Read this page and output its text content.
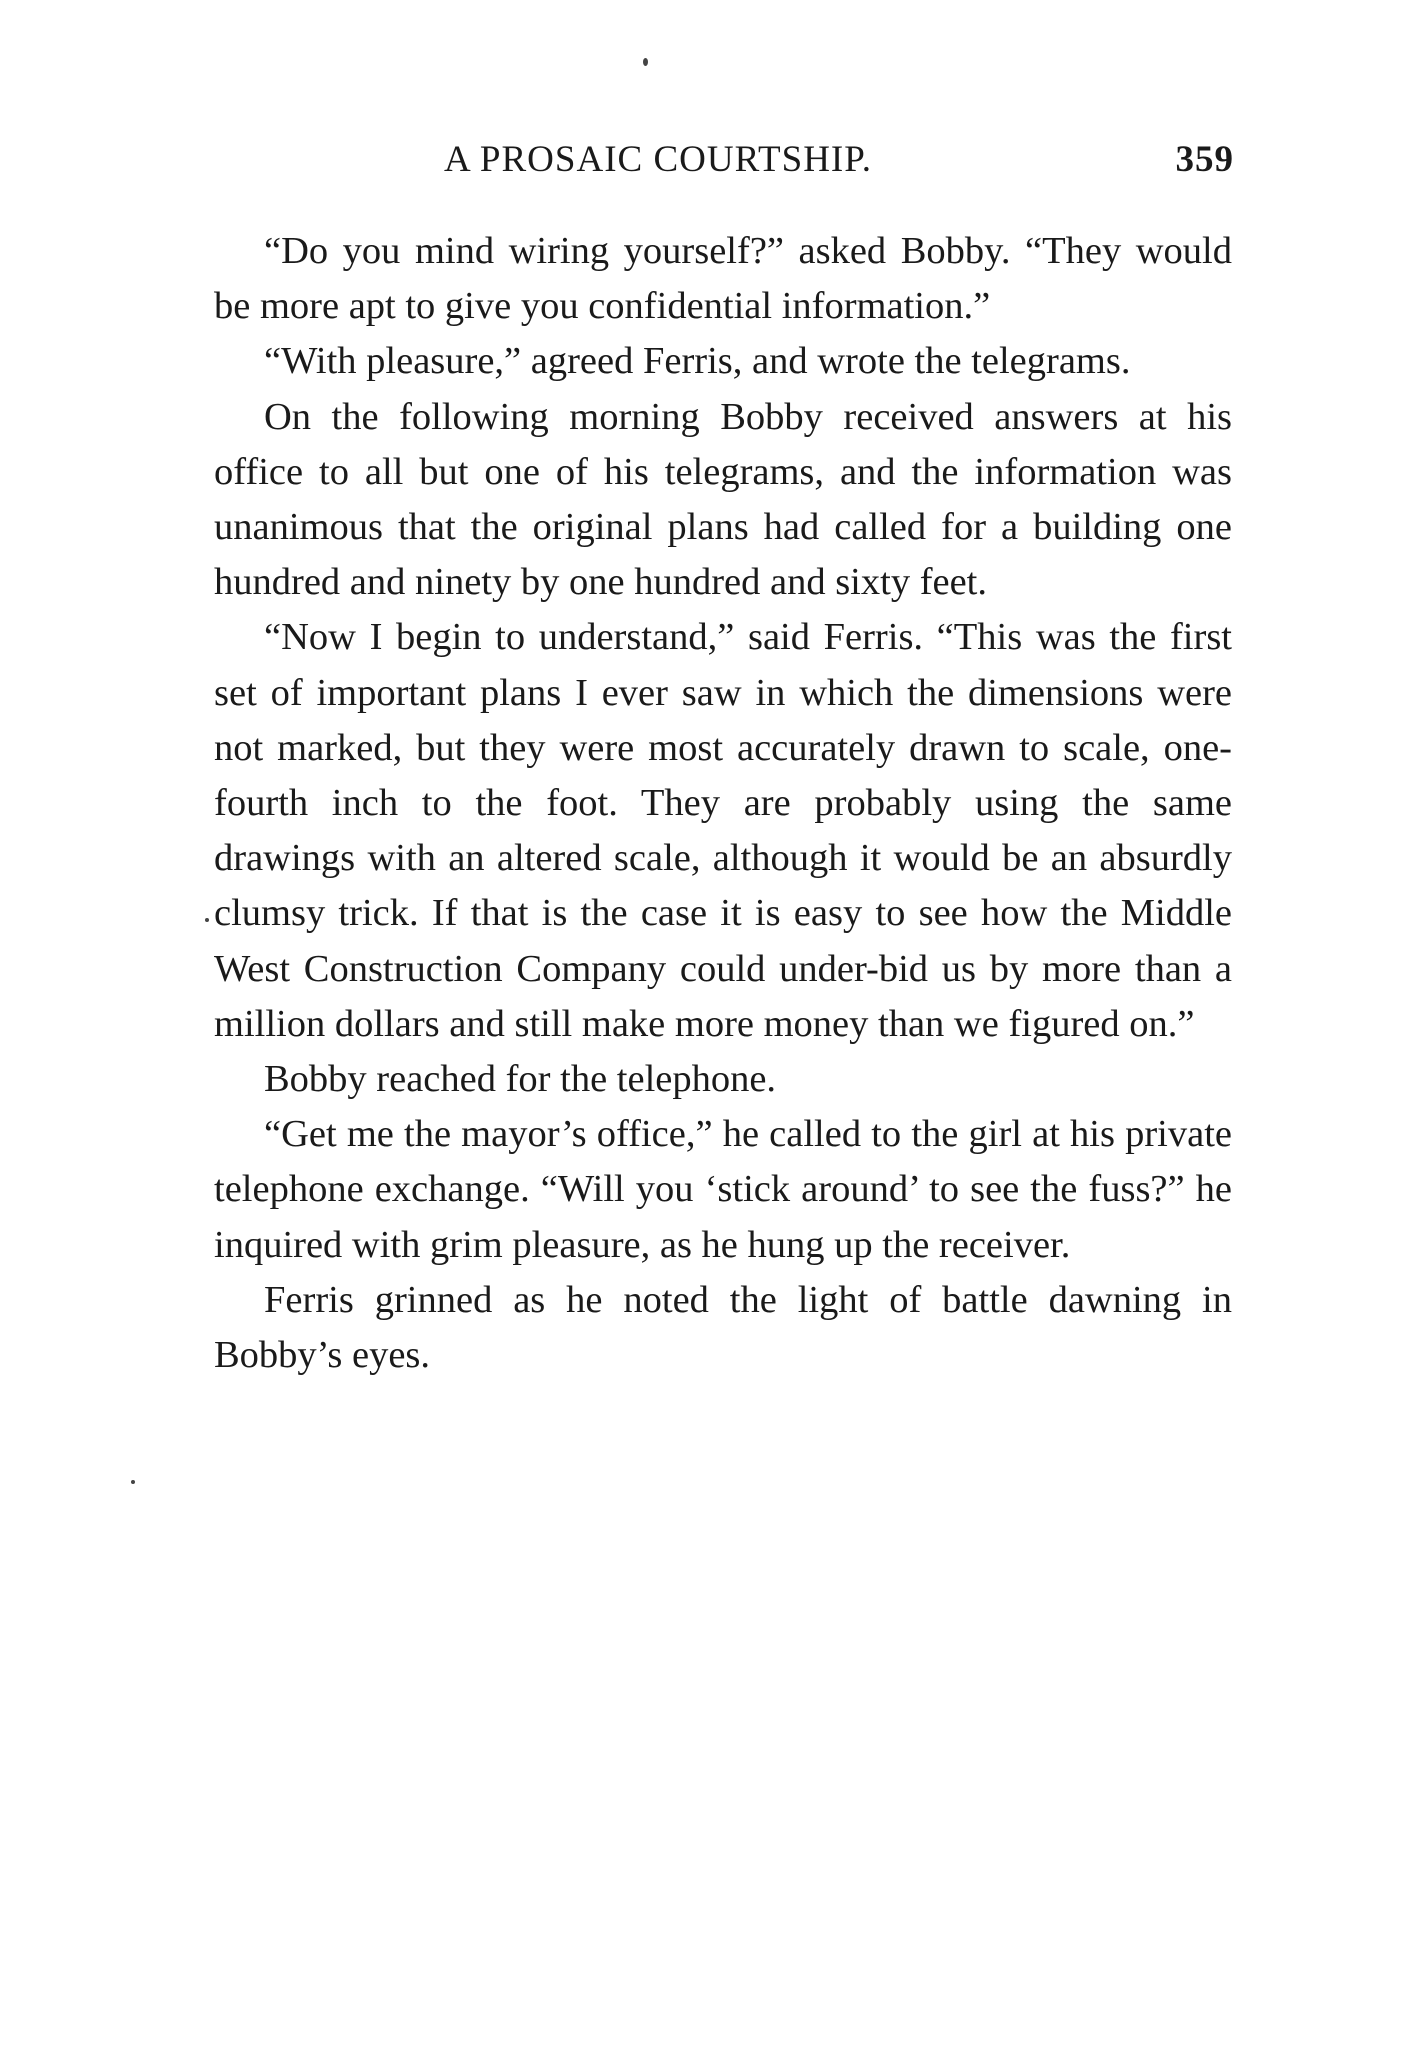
A PROSAIC COURTSHIP.	359

“Do you mind wiring yourself?” asked Bobby. “They would be more apt to give you confidential information.”

“With pleasure,” agreed Ferris, and wrote the telegrams.

On the following morning Bobby received answers at his office to all but one of his telegrams, and the information was unanimous that the original plans had called for a building one hundred and ninety by one hundred and sixty feet.

“Now I begin to understand,” said Ferris. “This was the first set of important plans I ever saw in which the dimensions were not marked, but they were most accurately drawn to scale, one-fourth inch to the foot. They are probably using the same drawings with an altered scale, although it would be an absurdly clumsy trick. If that is the case it is easy to see how the Middle West Construction Company could under-bid us by more than a million dollars and still make more money than we figured on.”

Bobby reached for the telephone.

“Get me the mayor’s office,” he called to the girl at his private telephone exchange. “Will you ‘stick around’ to see the fuss?” he inquired with grim pleasure, as he hung up the receiver.

Ferris grinned as he noted the light of battle dawning in Bobby’s eyes.
